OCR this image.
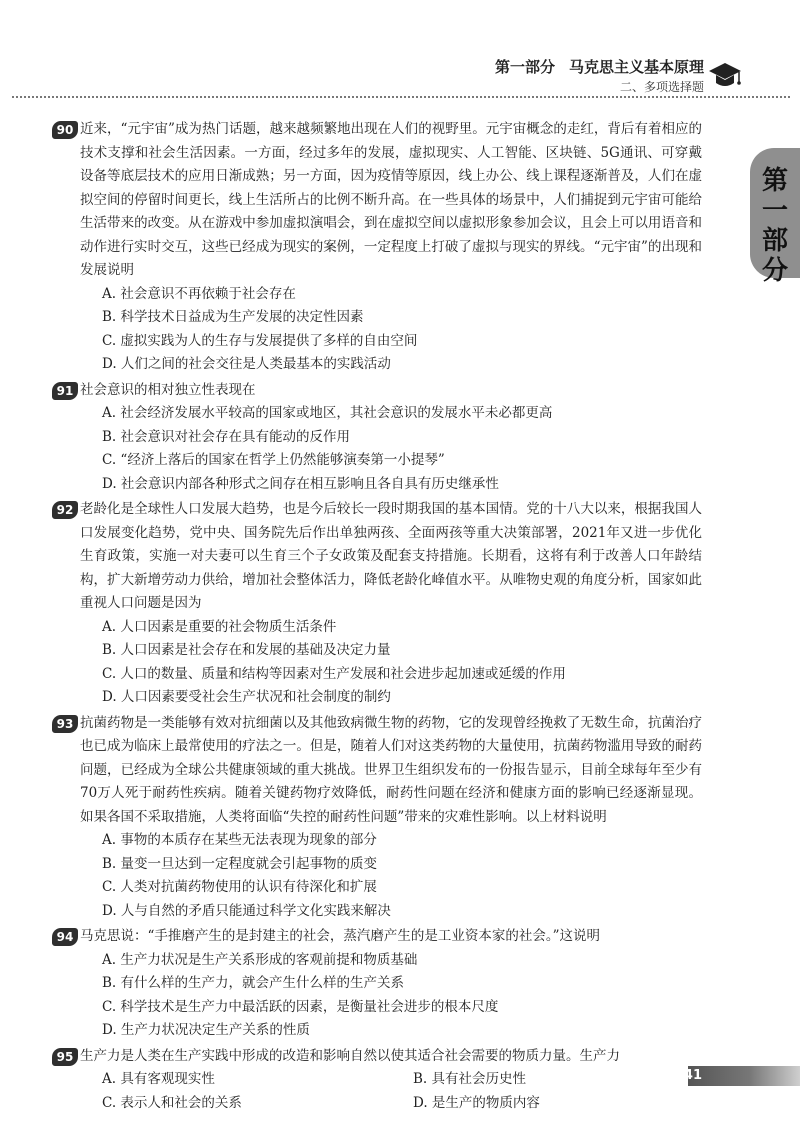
第一部分 马克思主义基本原理
二、多项选择题
第一部分
90 近来，“元宇宙”成为热门话题，越来越频繁地出现在人们的视野里。元宇宙概念的走红，背后有着相应的技术支撑和社会生活因素。一方面，经过多年的发展，虚拟现实、人工智能、区块链、5G通讯、可穿戴设备等底层技术的应用日渐成熟；另一方面，因为疫情等原因，线上办公、线上课程逐渐普及，人们在虚拟空间的停留时间更长，线上生活所占的比例不断升高。在一些具体的场景中，人们捕捉到元宇宙可能给生活带来的改变。从在游戏中参加虚拟演唱会，到在虚拟空间以虚拟形象参加会议，且会上可以用语音和动作进行实时交互，这些已经成为现实的案例，一定程度上打破了虚拟与现实的界线。“元宇宙”的出现和发展说明
A. 社会意识不再依赖于社会存在
B. 科学技术日益成为生产发展的决定性因素
C. 虚拟实践为人的生存与发展提供了多样的自由空间
D. 人们之间的社会交往是人类最基本的实践活动
91 社会意识的相对独立性表现在
A. 社会经济发展水平较高的国家或地区，其社会意识的发展水平未必都更高
B. 社会意识对社会存在具有能动的反作用
C. “经济上落后的国家在哲学上仍然能够演奏第一小提琴”
D. 社会意识内部各种形式之间存在相互影响且各自具有历史继承性
92 老龄化是全球性人口发展大趋势，也是今后较长一段时期我国的基本国情。党的十八大以来，根据我国人口发展变化趋势，党中央、国务院先后作出单独两孩、全面两孩等重大决策部署，2021年又进一步优化生育政策，实施一对夫妻可以生育三个子女政策及配套支持措施。长期看，这将有利于改善人口年龄结构，扩大新增劳动力供给，增加社会整体活力，降低老龄化峰值水平。从唯物史观的角度分析，国家如此重视人口问题是因为
A. 人口因素是重要的社会物质生活条件
B. 人口因素是社会存在和发展的基础及决定力量
C. 人口的数量、质量和结构等因素对生产发展和社会进步起加速或延缓的作用
D. 人口因素要受社会生产状况和社会制度的制约
93 抗菌药物是一类能够有效对抗细菌以及其他致病微生物的药物，它的发现曾经挽救了无数生命，抗菌治疗也已成为临床上最常使用的疗法之一。但是，随着人们对这类药物的大量使用，抗菌药物滥用导致的耐药问题，已经成为全球公共健康领域的重大挑战。世界卫生组织发布的一份报告显示，目前全球每年至少有70万人死于耐药性疾病。随着关键药物疗效降低，耐药性问题在经济和健康方面的影响已经逐渐显现。如果各国不采取措施，人类将面临“失控的耐药性问题”带来的灾难性影响。以上材料说明
A. 事物的本质存在某些无法表现为现象的部分
B. 量变一旦达到一定程度就会引起事物的质变
C. 人类对抗菌药物使用的认识有待深化和扩展
D. 人与自然的矛盾只能通过科学文化实践来解决
94 马克思说：“手推磨产生的是封建主的社会，蒸汽磨产生的是工业资本家的社会。”这说明
A. 生产力状况是生产关系形成的客观前提和物质基础
B. 有什么样的生产力，就会产生什么样的生产关系
C. 科学技术是生产力中最活跃的因素，是衡量社会进步的根本尺度
D. 生产力状况决定生产关系的性质
95 生产力是人类在生产实践中形成的改造和影响自然以使其适合社会需要的物质力量。生产力
A. 具有客观现实性	B. 具有社会历史性
C. 表示人和社会的关系	D. 是生产的物质内容
41
